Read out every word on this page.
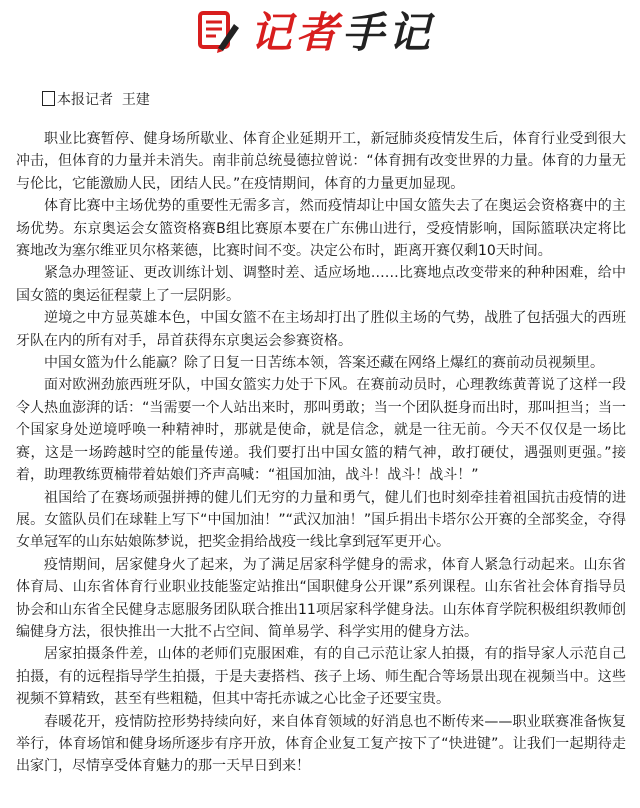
记者手记
本报记者 王建

职业比赛暂停、健身场所歇业、体育企业延期开工，新冠肺炎疫情发生后，体育行业受到很大冲击，但体育的力量并未消失。南非前总统曼德拉曾说：“体育拥有改变世界的力量。体育的力量无与伦比，它能激励人民，团结人民。”在疫情期间，体育的力量更加显现。

体育比赛中主场优势的重要性无需多言，然而疫情却让中国女篮失去了在奥运会资格赛中的主场优势。东京奥运会女篮资格赛B组比赛原本要在广东佛山进行，受疫情影响，国际篮联决定将比赛地改为塞尔维亚贝尔格莱德，比赛时间不变。决定公布时，距离开赛仅剩10天时间。

紧急办理签证、更改训练计划、调整时差、适应场地……比赛地点改变带来的种种困难，给中国女篮的奥运征程蒙上了一层阴影。

逆境之中方显英雄本色，中国女篮不在主场却打出了胜似主场的气势，战胜了包括强大的西班牙队在内的所有对手，昂首获得东京奥运会参赛资格。

中国女篮为什么能赢？除了日复一日苦练本领，答案还藏在网络上爆红的赛前动员视频里。

面对欧洲劲旅西班牙队，中国女篮实力处于下风。在赛前动员时，心理教练黄菁说了这样一段令人热血澎湃的话：“当需要一个人站出来时，那叫勇敢；当一个团队挺身而出时，那叫担当；当一个国家身处逆境呼唤一种精神时，那就是使命，就是信念，就是一往无前。今天不仅仅是一场比赛，这是一场跨越时空的能量传递。我们要打出中国女篮的精气神，敢打硬仗，遇强则更强。”接着，助理教练贾楠带着姑娘们齐声高喊：“祖国加油，战斗！战斗！战斗！”

祖国给了在赛场顽强拼搏的健儿们无穷的力量和勇气，健儿们也时刻牵挂着祖国抗击疫情的进展。女篮队员们在球鞋上写下“中国加油！”“武汉加油！”国乒捐出卡塔尔公开赛的全部奖金，夺得女单冠军的山东姑娘陈梦说，把奖金捐给战疫一线比拿到冠军更开心。

疫情期间，居家健身火了起来，为了满足居家科学健身的需求，体育人紧急行动起来。山东省体育局、山东省体育行业职业技能鉴定站推出“国职健身公开课”系列课程。山东省社会体育指导员协会和山东省全民健身志愿服务团队联合推出11项居家科学健身法。山东体育学院积极组织教师创编健身方法，很快推出一大批不占空间、简单易学、科学实用的健身方法。

居家拍摄条件差，山体的老师们克服困难，有的自己示范让家人拍摄，有的指导家人示范自己拍摄，有的远程指导学生拍摄，于是夫妻搭档、孩子上场、师生配合等场景出现在视频当中。这些视频不算精致，甚至有些粗糙，但其中寄托赤诚之心比金子还要宝贵。

春暖花开，疫情防控形势持续向好，来自体育领域的好消息也不断传来——职业联赛准备恢复举行，体育场馆和健身场所逐步有序开放，体育企业复工复产按下了“快进键”。让我们一起期待走出家门，尽情享受体育魅力的那一天早日到来！
